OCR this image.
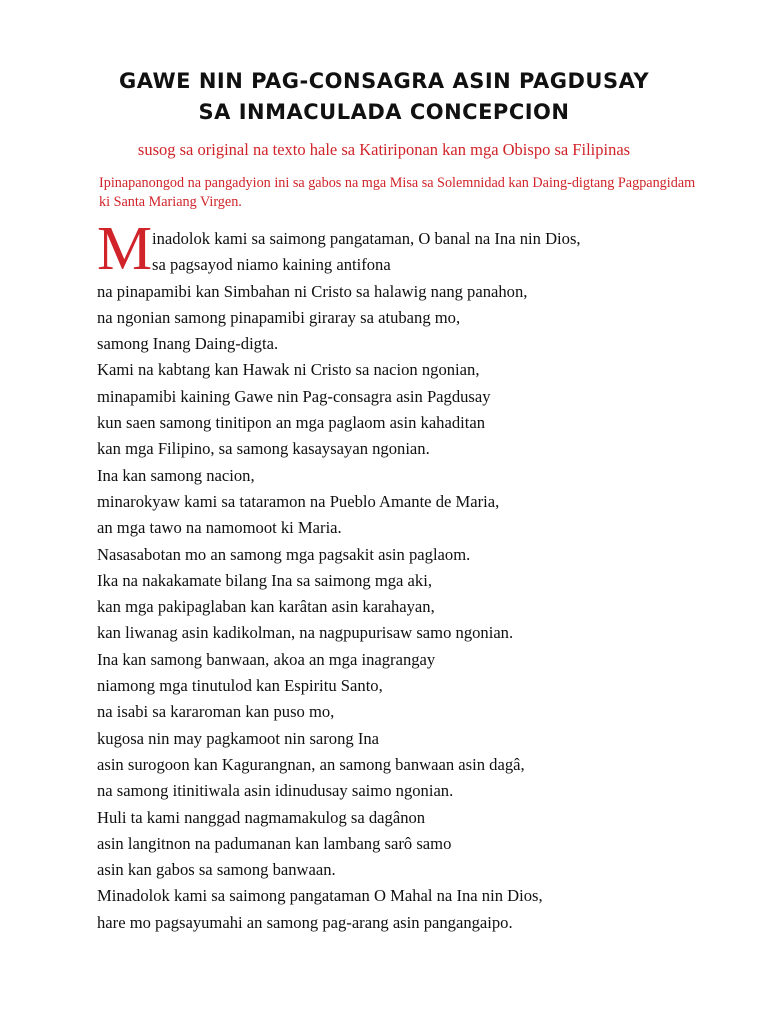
GAWE NIN PAG-CONSAGRA ASIN PAGDUSAY
SA INMACULADA CONCEPCION
susog sa original na texto hale sa Katiriponan kan mga Obispo sa Filipinas
Ipinapanongod na pangadyion ini sa gabos na mga Misa sa Solemnidad kan Daing-digtang Pagpangidam
ki Santa Mariang Virgen.
M inadolok kami sa saimong pangataman, O banal na Ina nin Dios,
sa pagsayod niamo kaining antifona
na pinapamibi kan Simbahan ni Cristo sa halawig nang panahon,
na ngonian samong pinapamibi giraray sa atubang mo,
samong Inang Daing-digta.
Kami na kabtang kan Hawak ni Cristo sa nacion ngonian,
minapamibi kaining Gawe nin Pag-consagra asin Pagdusay
kun saen samong tinitipon an mga paglaom asin kahaditan
kan mga Filipino, sa samong kasaysayan ngonian.
Ina kan samong nacion,
minarokyaw kami sa tataramon na Pueblo Amante de Maria,
an mga tawo na namomoot ki Maria.
Nasasabotan mo an samong mga pagsakit asin paglaom.
Ika na nakakamate bilang Ina sa saimong mga aki,
kan mga pakipaglaban kan karâtan asin karahayan,
kan liwanag asin kadikolman, na nagpupurisaw samo ngonian.
Ina kan samong banwaan, akoa an mga inagrangay
niamong mga tinutulod kan Espiritu Santo,
na isabi sa kararoman kan puso mo,
kugosa nin may pagkamoot nin sarong Ina
asin surogoon kan Kagurangnan, an samong banwaan asin dagâ,
na samong itinitiwala asin idinudusay saimo ngonian.
Huli ta kami nanggad nagmamakulog sa dagânon
asin langitnon na padumanan kan lambang sarô samo
asin kan gabos sa samong banwaan.
Minadolok kami sa saimong pangataman O Mahal na Ina nin Dios,
hare mo pagsayumahi an samong pag-arang asin pangangaipo.
